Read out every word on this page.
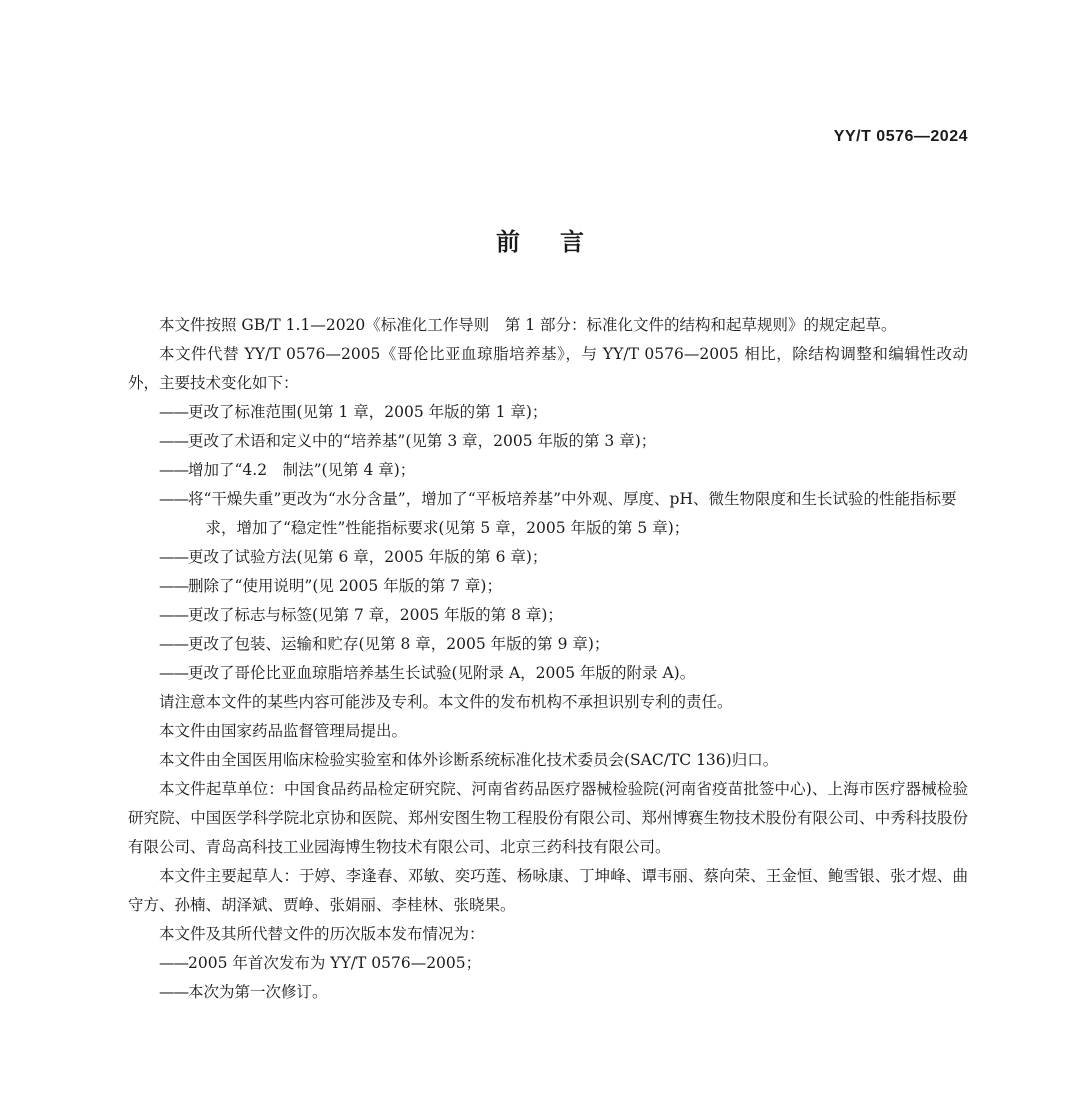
YY/T 0576—2024
前言

本文件按照 GB/T 1.1—2020《标准化工作导则　第 1 部分：标准化文件的结构和起草规则》的规定起草。

本文件代替 YY/T 0576—2005《哥伦比亚血琼脂培养基》，与 YY/T 0576—2005 相比，除结构调整和编辑性改动外，主要技术变化如下：

——更改了标准范围(见第 1 章，2005 年版的第 1 章)；

——更改了术语和定义中的“培养基”(见第 3 章，2005 年版的第 3 章)；

——增加了“4.2　制法”(见第 4 章)；

——将“干燥失重”更改为“水分含量”，增加了“平板培养基”中外观、厚度、pH、微生物限度和生长试验的性能指标要求，增加了“稳定性”性能指标要求(见第 5 章，2005 年版的第 5 章)；

——更改了试验方法(见第 6 章，2005 年版的第 6 章)；

——删除了“使用说明”(见 2005 年版的第 7 章)；

——更改了标志与标签(见第 7 章，2005 年版的第 8 章)；

——更改了包装、运输和贮存(见第 8 章，2005 年版的第 9 章)；

——更改了哥伦比亚血琼脂培养基生长试验(见附录 A，2005 年版的附录 A)。

请注意本文件的某些内容可能涉及专利。本文件的发布机构不承担识别专利的责任。

本文件由国家药品监督管理局提出。

本文件由全国医用临床检验实验室和体外诊断系统标准化技术委员会(SAC/TC 136)归口。

本文件起草单位：中国食品药品检定研究院、河南省药品医疗器械检验院(河南省疫苗批签中心)、上海市医疗器械检验研究院、中国医学科学院北京协和医院、郑州安图生物工程股份有限公司、郑州博赛生物技术股份有限公司、中秀科技股份有限公司、青岛高科技工业园海博生物技术有限公司、北京三药科技有限公司。

本文件主要起草人：于婷、李逢春、邓敏、奕巧莲、杨咏康、丁坤峰、谭韦丽、蔡向荣、王金恒、鲍雪银、张才煜、曲守方、孙楠、胡泽斌、贾峥、张娟丽、李桂林、张晓果。

本文件及其所代替文件的历次版本发布情况为：

——2005 年首次发布为 YY/T 0576—2005；

——本次为第一次修订。
